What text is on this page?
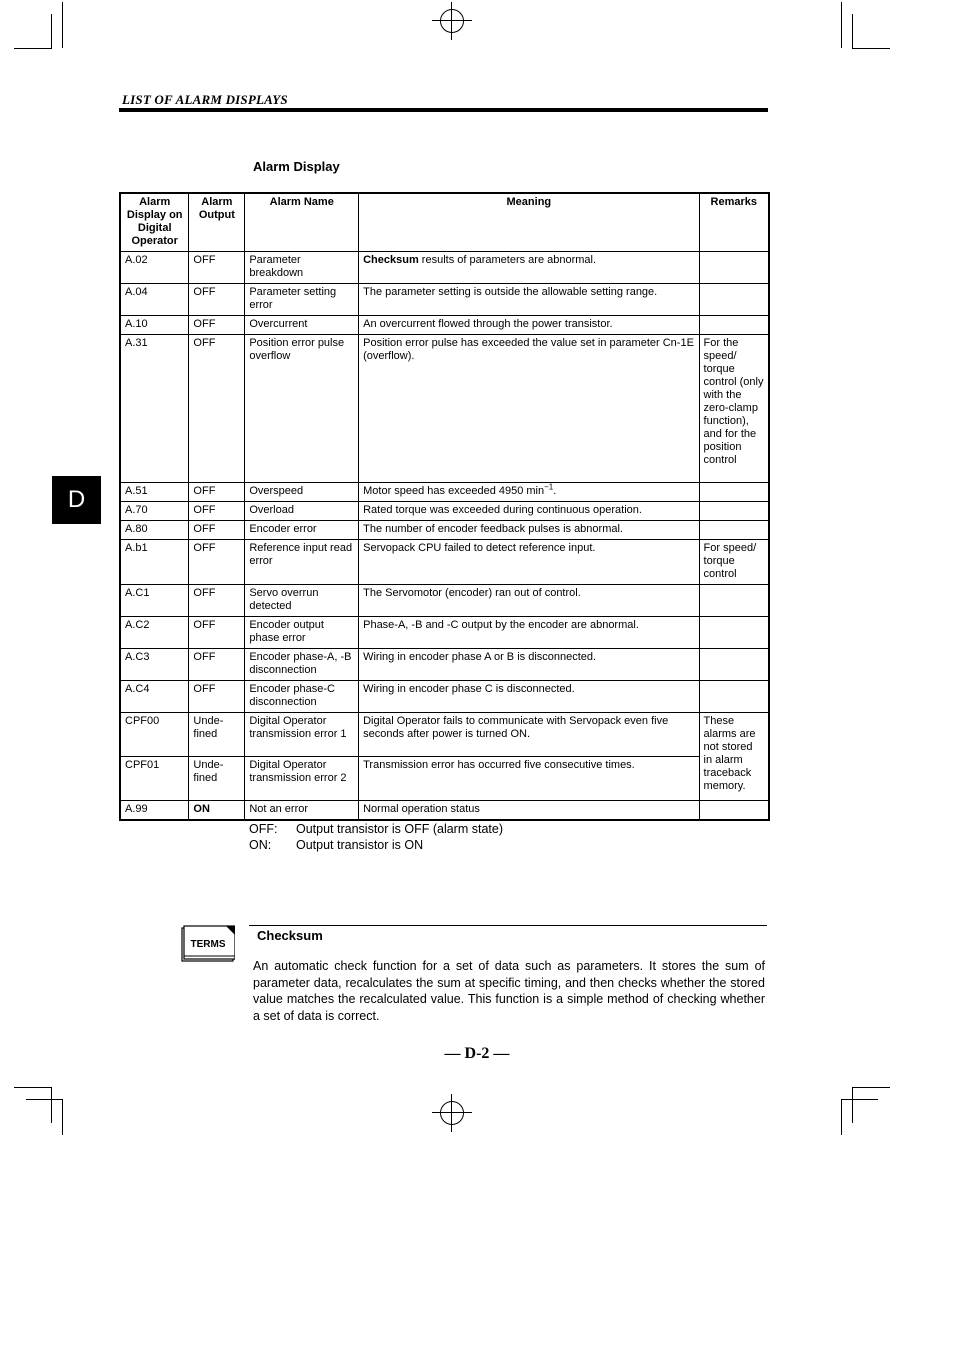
LIST OF ALARM DISPLAYS
D
Alarm Display
Alarm Display on Digital Operator	Alarm Output	Alarm Name	Meaning	Remarks
A.02	OFF	Parameter breakdown	Checksum results of parameters are abnormal.	
A.04	OFF	Parameter setting error	The parameter setting is outside the allowable setting range.	
A.10	OFF	Overcurrent	An overcurrent flowed through the power transistor.	
A.31	OFF	Position error pulse overflow	Position error pulse has exceeded the value set in parameter Cn-1E (overflow).	For the speed/ torque control (only with the zero-clamp function), and for the position control
A.51	OFF	Overspeed	Motor speed has exceeded 4950 $\min^{-1}$.	
A.70	OFF	Overload	Rated torque was exceeded during continuous operation.	
A.80	OFF	Encoder error	The number of encoder feedback pulses is abnormal.	
A.b1	OFF	Reference input read error	Servopack CPU failed to detect reference input.	For speed/ torque control
A.C1	OFF	Servo overrun detected	The Servomotor (encoder) ran out of control.	
A.C2	OFF	Encoder output phase error	Phase-A, -B and -C output by the encoder are abnormal.	
A.C3	OFF	Encoder phase-A, -B disconnection	Wiring in encoder phase A or B is disconnected.	
A.C4	OFF	Encoder phase-C disconnection	Wiring in encoder phase C is disconnected.	
CPF00	Unde-fined	Digital Operator transmission error 1	Digital Operator fails to communicate with Servopack even five seconds after power is turned ON.	These alarms are not stored in alarm traceback memory.
CPF01	Unde-fined	Digital Operator transmission error 2	Transmission error has occurred five consecutive times.	
A.99	ON	Not an error	Normal operation status	
OFF: Output transistor is OFF (alarm state)
ON: Output transistor is ON
TERMS
Checksum
An automatic check function for a set of data such as parameters. It stores the sum of parameter data, recalculates the sum at specific timing, and then checks whether the stored value matches the recalculated value. This function is a simple method of checking whether a set of data is correct.
— D-2 —
